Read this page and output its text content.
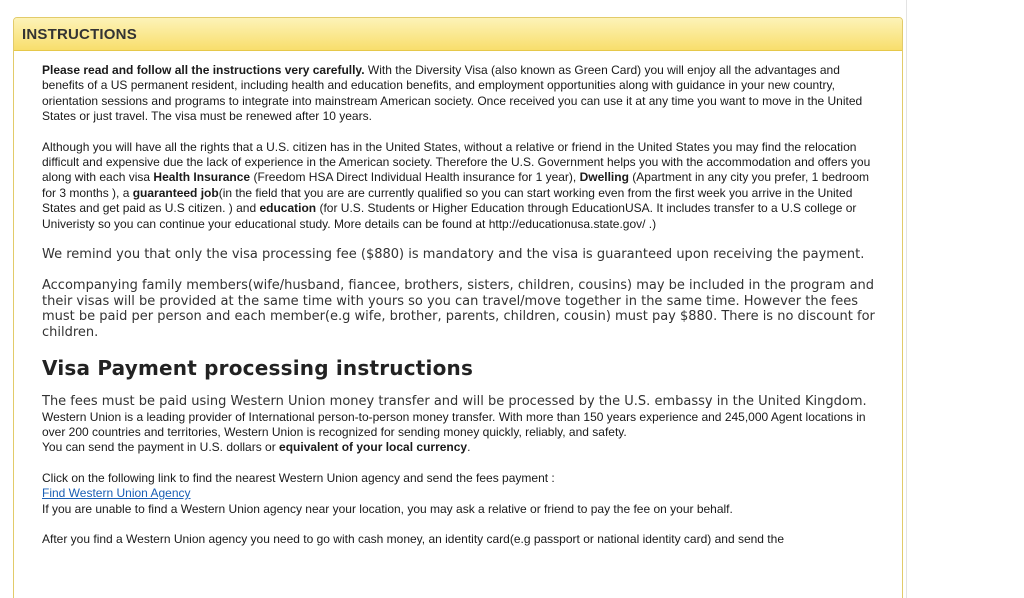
INSTRUCTIONS

Please read and follow all the instructions very carefully. With the Diversity Visa (also known as Green Card) you will enjoy all the advantages and benefits of a US permanent resident, including health and education benefits, and employment opportunities along with guidance in your new country, orientation sessions and programs to integrate into mainstream American society. Once received you can use it at any time you want to move in the United States or just travel. The visa must be renewed after 10 years.

Although you will have all the rights that a U.S. citizen has in the United States, without a relative or friend in the United States you may find the relocation difficult and expensive due the lack of experience in the American society. Therefore the U.S. Government helps you with the accommodation and offers you along with each visa Health Insurance (Freedom HSA Direct Individual Health insurance for 1 year), Dwelling (Apartment in any city you prefer, 1 bedroom for 3 months ), a guaranteed job(in the field that you are are currently qualified so you can start working even from the first week you arrive in the United States and get paid as U.S citizen. ) and education (for U.S. Students or Higher Education through EducationUSA. It includes transfer to a U.S college or Univeristy so you can continue your educational study. More details can be found at http://educationusa.state.gov/ .)

We remind you that only the visa processing fee ($880) is mandatory and the visa is guaranteed upon receiving the payment.

Accompanying family members(wife/husband, fiancee, brothers, sisters, children, cousins) may be included in the program and their visas will be provided at the same time with yours so you can travel/move together in the same time. However the fees must be paid per person and each member(e.g wife, brother, parents, children, cousin) must pay $880. There is no discount for children.

Visa Payment processing instructions

The fees must be paid using Western Union money transfer and will be processed by the U.S. embassy in the United Kingdom.

Western Union is a leading provider of International person-to-person money transfer. With more than 150 years experience and 245,000 Agent locations in over 200 countries and territories, Western Union is recognized for sending money quickly, reliably, and safety.

You can send the payment in U.S. dollars or equivalent of your local currency.

Click on the following link to find the nearest Western Union agency and send the fees payment :

Find Western Union Agency

If you are unable to find a Western Union agency near your location, you may ask a relative or friend to pay the fee on your behalf.

After you find a Western Union agency you need to go with cash money, an identity card(e.g passport or national identity card) and send the
